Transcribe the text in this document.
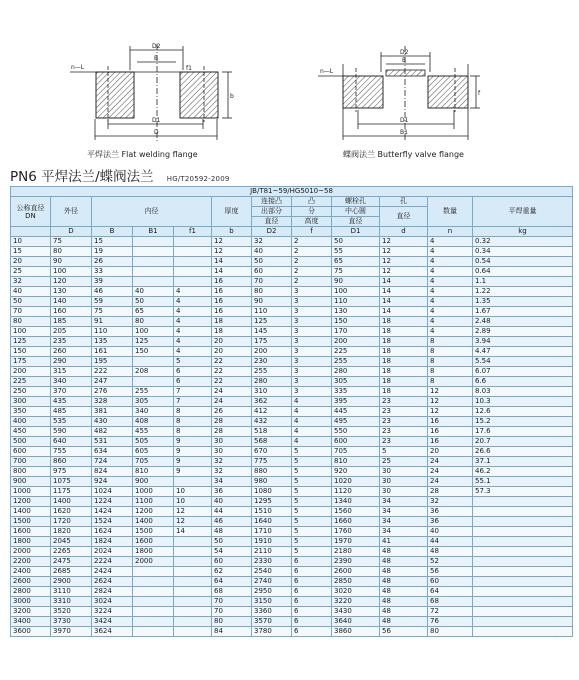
n—L
D2
B
f1
b
D1
D
n—L
D2
B
f
D1
B1
平焊法兰 Flat welding flange	蝶阀法兰 Butterfly valve flange
PN6 平焊法兰/蝶阀法兰 HG/T20592-2009
JB/T81~59/HG5010~58											
公称直径 DN	外径	内径			厚度	连接凸	凸	螺栓孔	孔	数量	平焊重量
						出部分	分	中心圆	直径		
						直径	高度	直径			
	D	B	B1	f1	b	D2	f	D1	d	n	kg
10	75	15			12	32	2	50	12	4	0.32
15	80	19			12	40	2	55	12	4	0.34
20	90	26			14	50	2	65	12	4	0.54
25	100	33			14	60	2	75	12	4	0.64
32	120	39			16	70	2	90	14	4	1.1
40	130	46	40	4	16	80	3	100	14	4	1.22
50	140	59	50	4	16	90	3	110	14	4	1.35
70	160	75	65	4	16	110	3	130	14	4	1.67
80	185	91	80	4	18	125	3	150	18	4	2.48
100	205	110	100	4	18	145	3	170	18	4	2.89
125	235	135	125	4	20	175	3	200	18	8	3.94
150	260	161	150	4	20	200	3	225	18	8	4.47
175	290	195		5	22	230	3	255	18	8	5.54
200	315	222	208	6	22	255	3	280	18	8	6.07
225	340	247		6	22	280	3	305	18	8	6.6
250	370	276	255	7	24	310	3	335	18	12	8.03
300	435	328	305	7	24	362	4	395	23	12	10.3
350	485	381	340	8	26	412	4	445	23	12	12.6
400	535	430	408	8	28	432	4	495	23	16	15.2
450	590	482	455	8	28	518	4	550	23	16	17.6
500	640	531	505	9	30	568	4	600	23	16	20.7
600	755	634	605	9	30	670	5	705	5	20	26.6
700	860	724	705	9	32	775	5	810	25	24	37.1
800	975	824	810	9	32	880	5	920	30	24	46.2
900	1075	924	900		34	980	5	1020	30	24	55.1
1000	1175	1024	1000	10	36	1080	5	1120	30	28	57.3
1200	1400	1224	1100	10	40	1295	5	1340	34	32	
1400	1620	1424	1200	12	44	1510	5	1560	34	36	
1500	1720	1524	1400	12	46	1640	5	1660	34	36	
1600	1820	1624	1500	14	48	1710	5	1760	34	40	
1800	2045	1824	1600		50	1910	5	1970	41	44	
2000	2265	2024	1800		54	2110	5	2180	48	48	
2200	2475	2224	2000		60	2330	6	2390	48	52	
2400	2685	2424			62	2540	6	2600	48	56	
2600	2900	2624			64	2740	6	2850	48	60	
2800	3110	2824			68	2950	6	3020	48	64	
3000	3310	3024			70	3150	6	3220	48	68	
3200	3520	3224			70	3360	6	3430	48	72	
3400	3730	3424			80	3570	6	3640	48	76	
3600	3970	3624			84	3780	6	3860	56	80	
